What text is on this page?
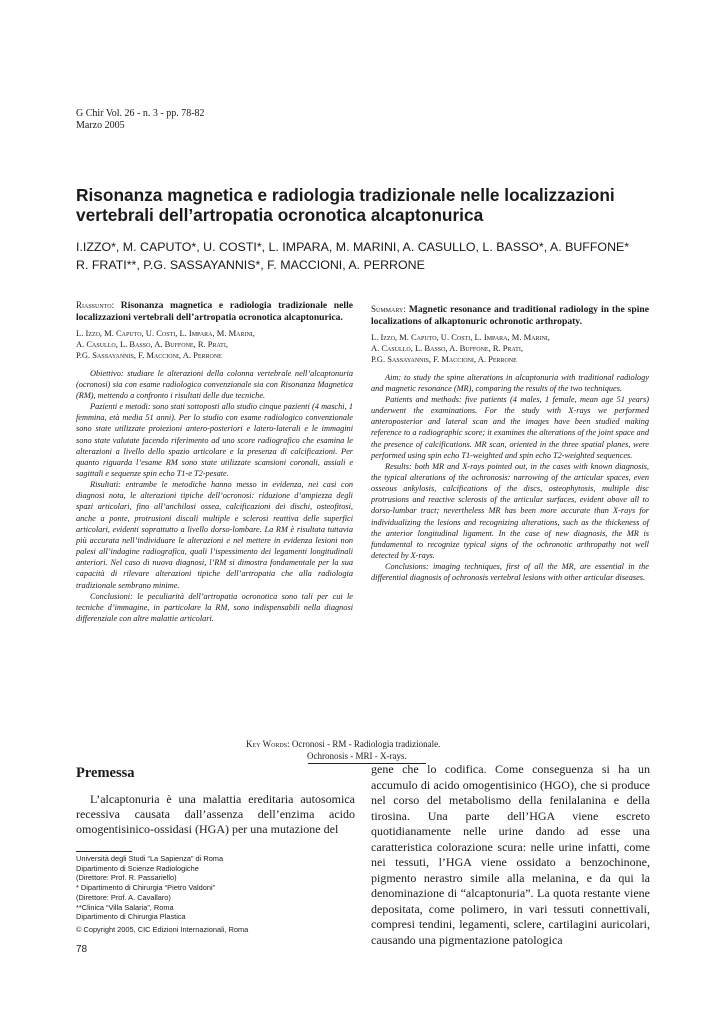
G Chir Vol. 26 - n. 3 - pp. 78-82
Marzo 2005
Risonanza magnetica e radiologia tradizionale nelle localizzazioni
vertebrali dell’artropatia ocronotica alcaptonurica

I.IZZO*, M. CAPUTO*, U. COSTI*, L. IMPARA, M. MARINI, A. CASULLO, L. BASSO*, A. BUFFONE*
R. FRATI**, P.G. SASSAYANNIS*, F. MACCIONI, A. PERRONE

Riassunto: Risonanza magnetica e radiologia tradizionale nelle localizzazioni vertebrali dell’artropatia ocronotica alcaptonurica.

L. Izzo, M. Caputo, U. Costi, L. Impara, M. Marini,
A. Casullo, L. Basso, A. Buffone, R. Prati,
P.G. Sassayannis, F. Maccioni, A. Perrone

Obiettivo: studiare le alterazioni della colonna vertebrale nell’alcaptonuria (ocronosi) sia con esame radiologico convenzionale sia con Risonanza Magnetica (RM), mettendo a confronto i risultati delle due tecniche.

Pazienti e metodi: sono stati sottoposti allo studio cinque pazienti (4 maschi, 1 femmina, età media 51 anni). Per lo studio con esame radiologico convenzionale sono state utilizzate proiezioni antero-posteriori e latero-laterali e le immagini sono state valutate facendo riferimento ad uno score radiografico che esamina le alterazioni a livello dello spazio articolare e la presenza di calcificazioni. Per quanto riguarda l’esame RM sono state utilizzate scansioni coronali, assiali e sagittali e sequenze spin echo T1-e T2-pesate.

Risultati: entrambe le metodiche hanno messo in evidenza, nei casi con diagnosi nota, le alterazioni tipiche dell’ocronosi: riduzione d’ampiezza degli spazi articolari, fino all’anchilosi ossea, calcificazioni dei dischi, osteofitosi, anche a ponte, protrusioni discali multiple e sclerosi reattiva delle superfici articolari, evidenti soprattutto a livello dorso-lombare. La RM è risultata tuttavia più accurata nell’individuare le alterazioni e nel mettere in evidenza lesioni non palesi all’indagine radiografica, quali l’ispessimento dei legamenti longitudinali anteriori. Nel caso di nuova diagnosi, l’RM si dimostra fondamentale per la sua capacità di rilevare alterazioni tipiche dell’artropatia che alla radiologia tradizionale sembrano minime.

Conclusioni: le peculiarità dell’artropatia ocronotica sono tali per cui le tecniche d’immagine, in particolare la RM, sono indispensabili nella diagnosi differenziale con altre malattie articolari.

Summary: Magnetic resonance and traditional radiology in the spine localizations of alkaptonuric ochronotic arthropaty.

L. Izzo, M. Caputo, U. Costi, L. Impara, M. Marini,
A. Casullo, L. Basso, A. Buffone, R. Prati,
P.G. Sassayannis, F. Maccioni, A. Perrone

Aim: to study the spine alterations in alcaptonuria with traditional radiology and magnetic resonance (MR), comparing the results of the two techniques.

Patients and methods: five patients (4 males, 1 female, mean age 51 years) underwent the examinations. For the study with X-rays we performed anteroposterior and lateral scan and the images have been studied making reference to a radiographic score; it examines the alterations of the joint space and the presence of calcifications. MR scan, oriented in the three spatial planes, were performed using spin echo T1-weighted and spin echo T2-weighted sequences.

Results: both MR and X-rays pointed out, in the cases with known diagnosis, the typical alterations of the ochronosis: narrowing of the articular spaces, even osseous ankylosis, calcifications of the discs, osteophytosis, multiple disc protrusions and reactive sclerosis of the articular surfaces, evident above all to dorso-lumbar tract; nevertheless MR has been more accurate than X-rays for individualizing the lesions and recognizing alterations, such as the thickeness of the anterior longitudinal ligament. In the case of new diagnosis, the MR is fundamental to recognize typical signs of the ochronotic arthropathy not well detected by X-rays.

Conclusions: imaging techniques, first of all the MR, are essential in the differential diagnosis of ochronosis vertebral lesions with other articular diseases.

Key Words: Ocronosi - RM - Radiologia tradizionale.
Ochronosis - MRI - X-rays.
Premessa

L’alcaptonuria è una malattia ereditaria autosomica recessiva causata dall’assenza dell’enzima acido omogentisinico-ossidasi (HGA) per una mutazione del

gene che lo codifica. Come conseguenza si ha un accumulo di acido omogentisinico (HGO), che si produce nel corso del metabolismo della fenilalanina e della tirosina. Una parte dell’HGA viene escreto quotidianamente nelle urine dando ad esse una caratteristica colorazione scura: nelle urine infatti, come nei tessuti, l’HGA viene ossidato a benzochinone, pigmento nerastro simile alla melanina, e da qui la denominazione di “alcaptonuria”. La quota restante viene depositata, come polimero, in vari tessuti connettivali, compresi tendini, legamenti, sclere, cartilagini auricolari, causando una pigmentazione patologica

Università degli Studi “La Sapienza” di Roma
Dipartimento di Scienze Radiologiche
(Direttore: Prof. R. Passariello)
* Dipartimento di Chirurgia “Pietro Valdoni”
(Direttore: Prof. A. Cavallaro)
**Clinica “Villa Salaria”, Roma
Dipartimento di Chirurgia Plastica
© Copyright 2005, CIC Edizioni Internazionali, Roma
78
